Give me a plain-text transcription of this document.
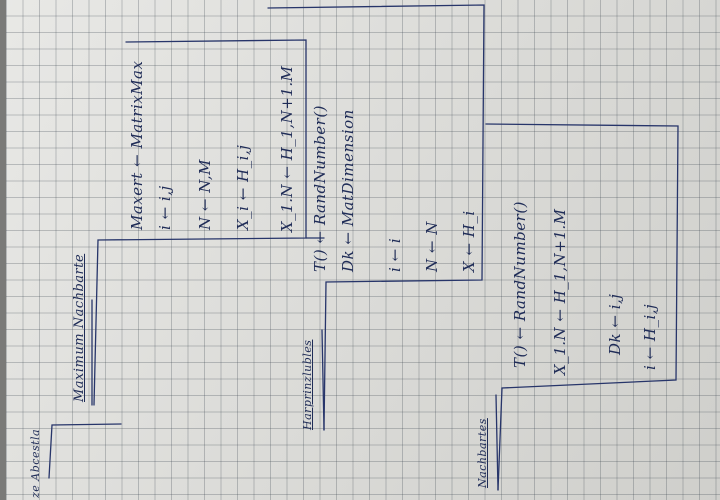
ze Abcestla
Maximum Nachbarte	Harprinzlubles
Nachbartes
Maxert ← MatrixMax i ← i,j N ← N,M X_i ← H_i,j X_1.N ← H_1,N+1.M T() ← RandNumber() Dk ← MatDimension i ← i N ← N X ← H_i T() ← RandNumber() X_1.N ← H_1,N+1.M Dk ← i,j i ← H_i,j
